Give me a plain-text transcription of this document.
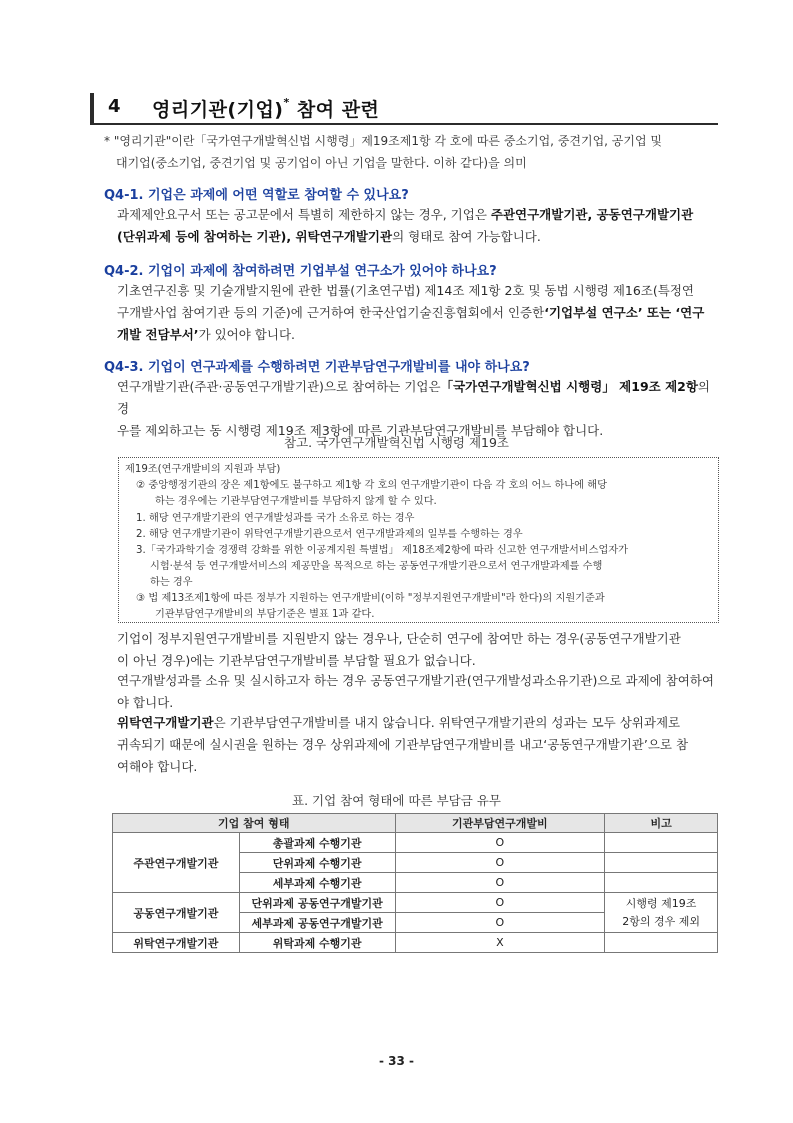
4 영리기관(기업)* 참여 관련
* "영리기관"이란「국가연구개발혁신법 시행령」제19조제1항 각 호에 따른 중소기업, 중견기업, 공기업 및
대기업(중소기업, 중견기업 및 공기업이 아닌 기업을 말한다. 이하 같다)을 의미
Q4-1. 기업은 과제에 어떤 역할로 참여할 수 있나요?
과제제안요구서 또는 공고문에서 특별히 제한하지 않는 경우, 기업은 주관연구개발기관, 공동연구개발기관
(단위과제 등에 참여하는 기관), 위탁연구개발기관의 형태로 참여 가능합니다.
Q4-2. 기업이 과제에 참여하려면 기업부설 연구소가 있어야 하나요?
기초연구진흥 및 기술개발지원에 관한 법률(기초연구법) 제14조 제1항 2호 및 동법 시행령 제16조(특정연
구개발사업 참여기관 등의 기준)에 근거하여 한국산업기술진흥협회에서 인증한‘기업부설 연구소’ 또는 ‘연구
개발 전담부서’가 있어야 합니다.
Q4-3. 기업이 연구과제를 수행하려면 기관부담연구개발비를 내야 하나요?
연구개발기관(주관·공동연구개발기관)으로 참여하는 기업은「국가연구개발혁신법 시행령」 제19조 제2항의 경
우를 제외하고는 동 시행령 제19조 제3항에 따른 기관부담연구개발비를 부담해야 합니다.
참고. 국가연구개발혁신법 시행령 제19조
제19조(연구개발비의 지원과 부담)
② 중앙행정기관의 장은 제1항에도 불구하고 제1항 각 호의 연구개발기관이 다음 각 호의 어느 하나에 해당
하는 경우에는 기관부담연구개발비를 부담하지 않게 할 수 있다.
1. 해당 연구개발기관의 연구개발성과를 국가 소유로 하는 경우
2. 해당 연구개발기관이 위탁연구개발기관으로서 연구개발과제의 일부를 수행하는 경우
3.「국가과학기술 경쟁력 강화를 위한 이공계지원 특별법」 제18조제2항에 따라 신고한 연구개발서비스업자가
시험·분석 등 연구개발서비스의 제공만을 목적으로 하는 공동연구개발기관으로서 연구개발과제를 수행
하는 경우
③ 법 제13조제1항에 따른 정부가 지원하는 연구개발비(이하 "정부지원연구개발비"라 한다)의 지원기준과
기관부담연구개발비의 부담기준은 별표 1과 같다.
기업이 정부지원연구개발비를 지원받지 않는 경우나, 단순히 연구에 참여만 하는 경우(공동연구개발기관
이 아닌 경우)에는 기관부담연구개발비를 부담할 필요가 없습니다.
연구개발성과를 소유 및 실시하고자 하는 경우 공동연구개발기관(연구개발성과소유기관)으로 과제에 참여하여
야 합니다.
위탁연구개발기관은 기관부담연구개발비를 내지 않습니다. 위탁연구개발기관의 성과는 모두 상위과제로
귀속되기 때문에 실시권을 원하는 경우 상위과제에 기관부담연구개발비를 내고‘공동연구개발기관’으로 참
여해야 합니다.
표. 기업 참여 형태에 따른 부담금 유무
기업 참여 형태		기관부담연구개발비	비고
주관연구개발기관	총괄과제 수행기관	O	
	단위과제 수행기관	O	
	세부과제 수행기관	O	
공동연구개발기관	단위과제 공동연구개발기관	O	시행령 제19조
2항의 경우 제외
	세부과제 공동연구개발기관	O	
위탁연구개발기관	위탁과제 수행기관	X	
- 33 -
